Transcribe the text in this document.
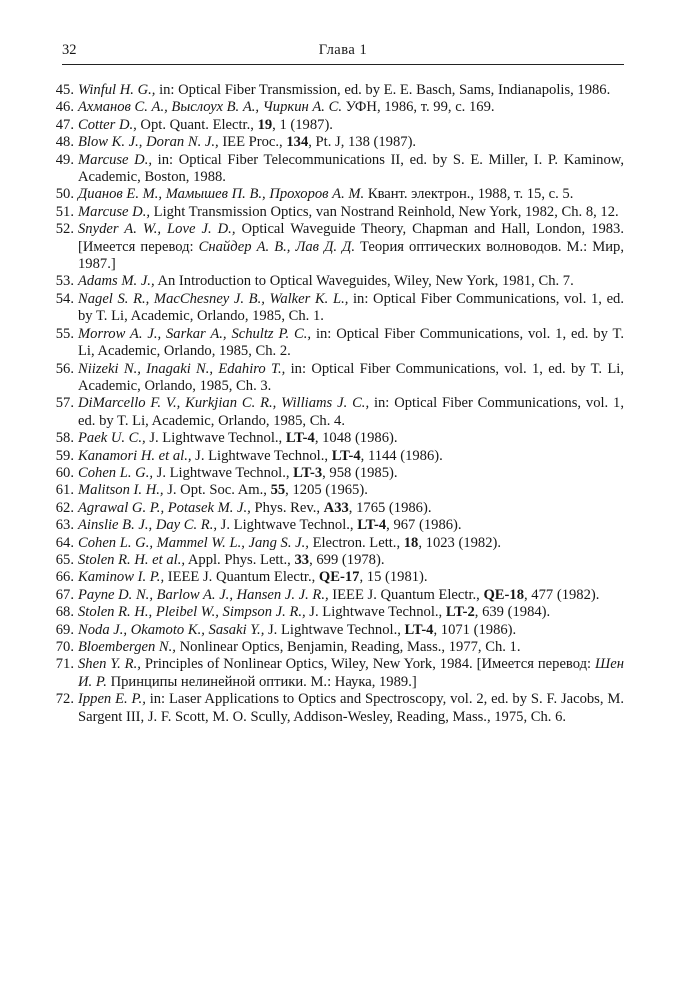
32	Глава 1
45. Winful H. G., in: Optical Fiber Transmission, ed. by E. E. Basch, Sams, Indianapolis, 1986.
46. Ахманов С. А., Выслоух В. А., Чиркин А. С. УФН, 1986, т. 99, с. 169.
47. Cotter D., Opt. Quant. Electr., 19, 1 (1987).
48. Blow K. J., Doran N. J., IEE Proc., 134, Pt. J, 138 (1987).
49. Marcuse D., in: Optical Fiber Telecommunications II, ed. by S. E. Miller, I. P. Kaminow, Academic, Boston, 1988.
50. Дианов Е. М., Мамышев П. В., Прохоров А. М. Квант. электрон., 1988, т. 15, с. 5.
51. Marcuse D., Light Transmission Optics, van Nostrand Reinhold, New York, 1982, Ch. 8, 12.
52. Snyder A. W., Love J. D., Optical Waveguide Theory, Chapman and Hall, London, 1983. [Имеется перевод: Снайдер А. В., Лав Д. Д. Теория оптических волноводов. М.: Мир, 1987.]
53. Adams M. J., An Introduction to Optical Waveguides, Wiley, New York, 1981, Ch. 7.
54. Nagel S. R., MacChesney J. B., Walker K. L., in: Optical Fiber Communications, vol. 1, ed. by T. Li, Academic, Orlando, 1985, Ch. 1.
55. Morrow A. J., Sarkar A., Schultz P. C., in: Optical Fiber Communications, vol. 1, ed. by T. Li, Academic, Orlando, 1985, Ch. 2.
56. Niizeki N., Inagaki N., Edahiro T., in: Optical Fiber Communications, vol. 1, ed. by T. Li, Academic, Orlando, 1985, Ch. 3.
57. DiMarcello F. V., Kurkjian C. R., Williams J. C., in: Optical Fiber Communications, vol. 1, ed. by T. Li, Academic, Orlando, 1985, Ch. 4.
58. Paek U. C., J. Lightwave Technol., LT-4, 1048 (1986).
59. Kanamori H. et al., J. Lightwave Technol., LT-4, 1144 (1986).
60. Cohen L. G., J. Lightwave Technol., LT-3, 958 (1985).
61. Malitson I. H., J. Opt. Soc. Am., 55, 1205 (1965).
62. Agrawal G. P., Potasek M. J., Phys. Rev., A33, 1765 (1986).
63. Ainslie B. J., Day C. R., J. Lightwave Technol., LT-4, 967 (1986).
64. Cohen L. G., Mammel W. L., Jang S. J., Electron. Lett., 18, 1023 (1982).
65. Stolen R. H. et al., Appl. Phys. Lett., 33, 699 (1978).
66. Kaminow I. P., IEEE J. Quantum Electr., QE-17, 15 (1981).
67. Payne D. N., Barlow A. J., Hansen J. J. R., IEEE J. Quantum Electr., QE-18, 477 (1982).
68. Stolen R. H., Pleibel W., Simpson J. R., J. Lightwave Technol., LT-2, 639 (1984).
69. Noda J., Okamoto K., Sasaki Y., J. Lightwave Technol., LT-4, 1071 (1986).
70. Bloembergen N., Nonlinear Optics, Benjamin, Reading, Mass., 1977, Ch. 1.
71. Shen Y. R., Principles of Nonlinear Optics, Wiley, New York, 1984. [Имеется перевод: Шен И. Р. Принципы нелинейной оптики. М.: Наука, 1989.]
72. Ippen E. P., in: Laser Applications to Optics and Spectroscopy, vol. 2, ed. by S. F. Jacobs, M. Sargent III, J. F. Scott, M. O. Scully, Addison-Wesley, Reading, Mass., 1975, Ch. 6.
